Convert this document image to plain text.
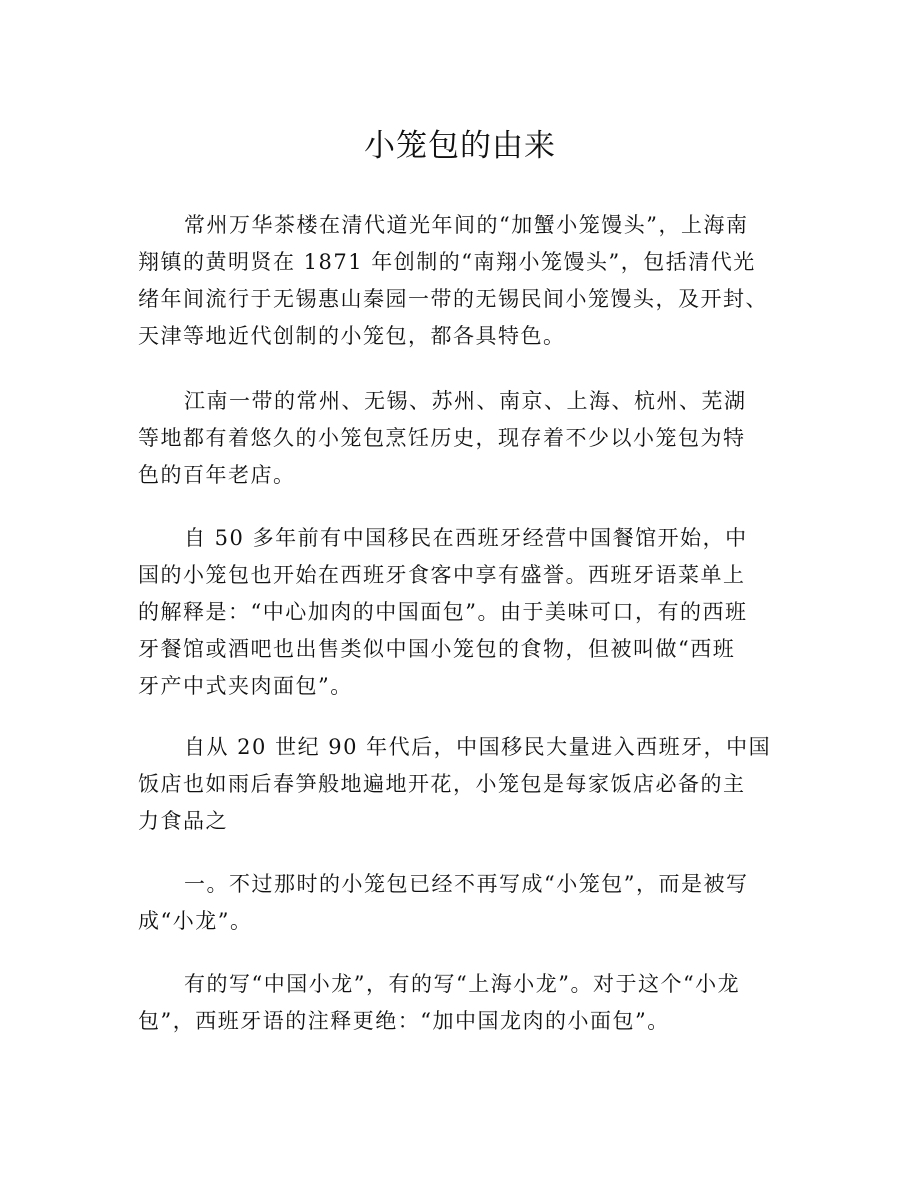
小笼包的由来

常州万华茶楼在清代道光年间的“加蟹小笼馒头”，上海南
翔镇的黄明贤在 1871 年创制的“南翔小笼馒头”，包括清代光
绪年间流行于无锡惠山秦园一带的无锡民间小笼馒头，及开封、
天津等地近代创制的小笼包，都各具特色。

江南一带的常州、无锡、苏州、南京、上海、杭州、芜湖
等地都有着悠久的小笼包烹饪历史，现存着不少以小笼包为特
色的百年老店。

自 50 多年前有中国移民在西班牙经营中国餐馆开始，中
国的小笼包也开始在西班牙食客中享有盛誉。西班牙语菜单上
的解释是：“中心加肉的中国面包”。由于美味可口，有的西班
牙餐馆或酒吧也出售类似中国小笼包的食物，但被叫做“西班
牙产中式夹肉面包”。

自从 20 世纪 90 年代后，中国移民大量进入西班牙，中国
饭店也如雨后春笋般地遍地开花，小笼包是每家饭店必备的主
力食品之

一。不过那时的小笼包已经不再写成“小笼包”，而是被写
成“小龙”。

有的写“中国小龙”，有的写“上海小龙”。对于这个“小龙
包”，西班牙语的注释更绝：“加中国龙肉的小面包”。
